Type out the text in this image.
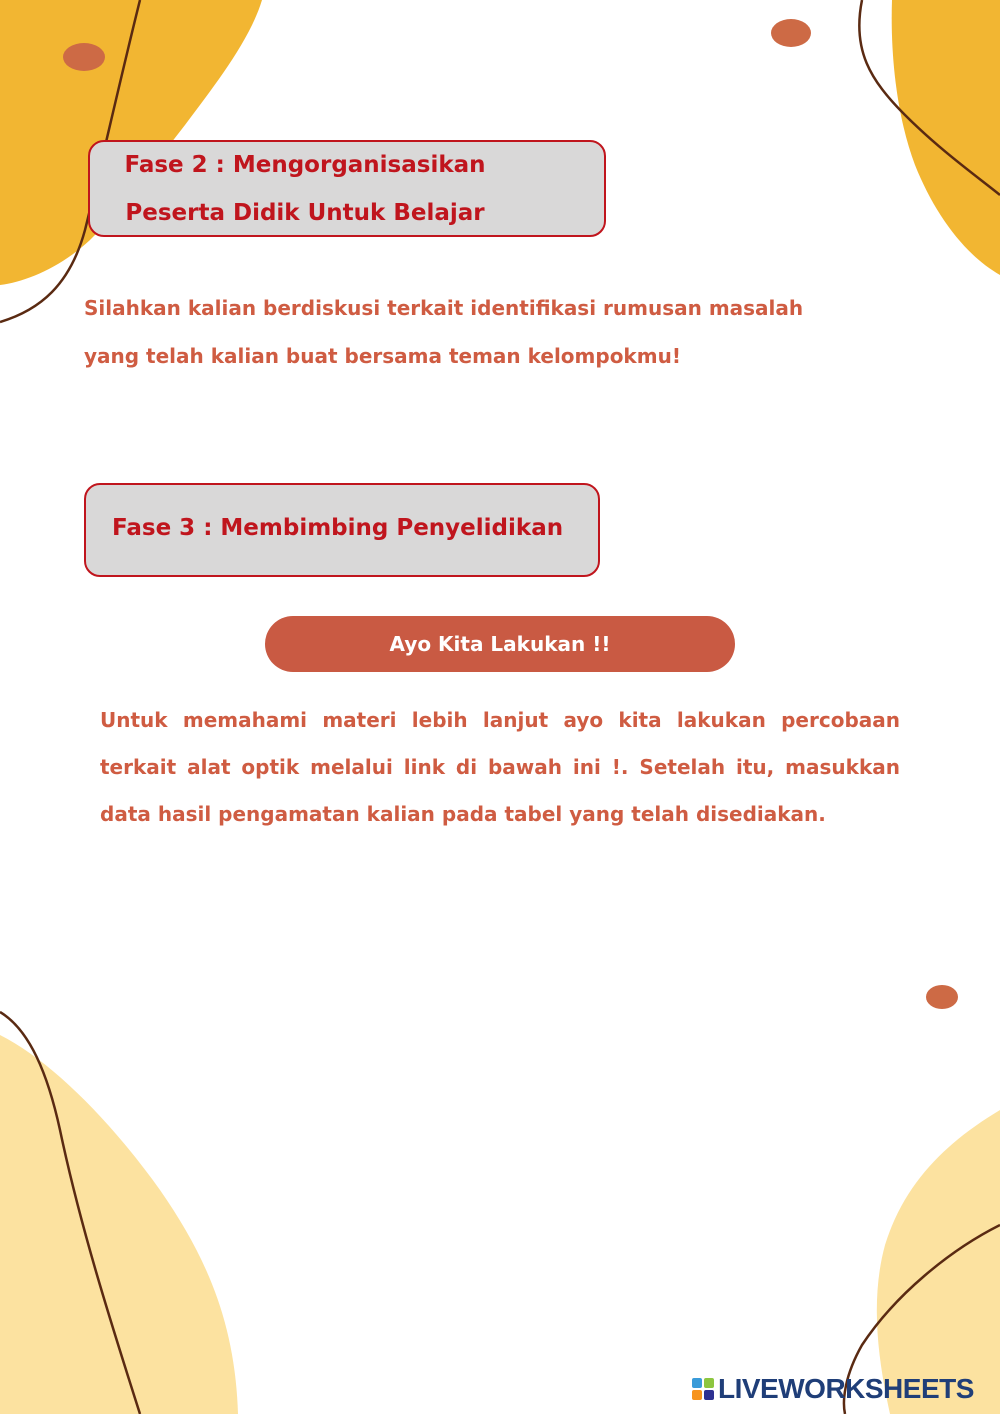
Fase 2 : Mengorganisasikan
Peserta Didik Untuk Belajar
Silahkan kalian berdiskusi terkait identifikasi rumusan masalah
yang telah kalian buat bersama teman kelompokmu!
Fase 3 : Membimbing Penyelidikan
Ayo Kita Lakukan !!
Untuk memahami materi lebih lanjut ayo kita lakukan percobaan terkait alat optik melalui link di bawah ini !. Setelah itu, masukkan data hasil pengamatan kalian pada tabel yang telah disediakan.
LIVEWORKSHEETS
